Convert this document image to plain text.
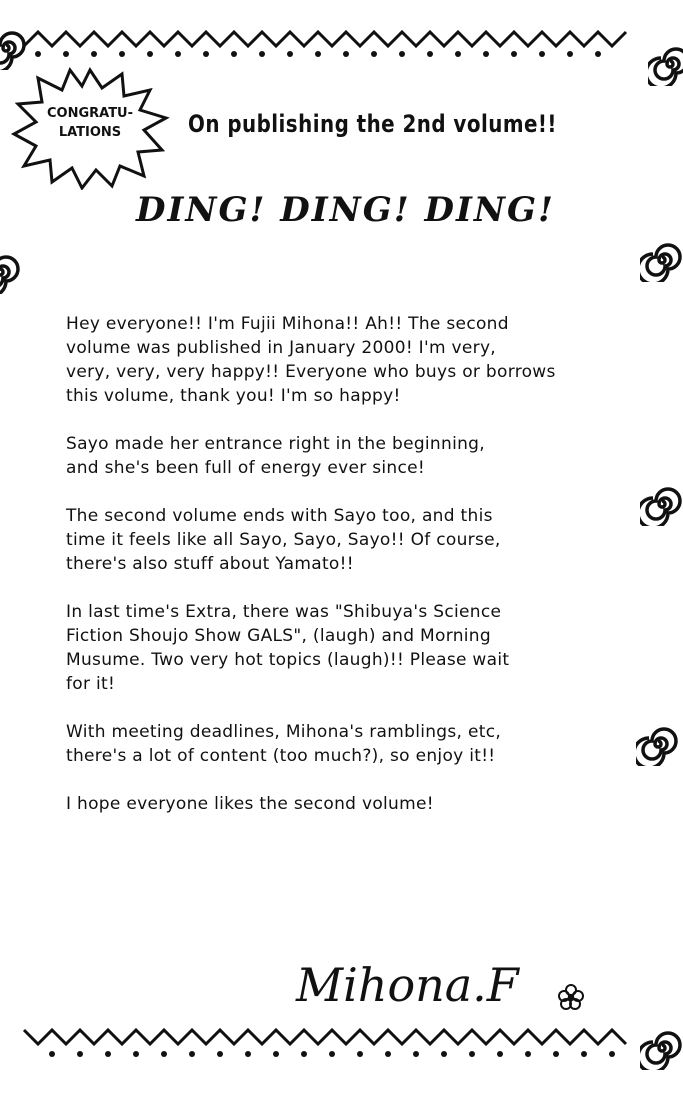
CONGRATU-
LATIONS	On publishing the 2nd volume!!
DING! DING! DING!

Hey everyone!! I'm Fujii Mihona!! Ah!! The second
volume was published in January 2000! I'm very,
very, very, very happy!! Everyone who buys or borrows
this volume, thank you! I'm so happy!

Sayo made her entrance right in the beginning,
and she's been full of energy ever since!

The second volume ends with Sayo too, and this
time it feels like all Sayo, Sayo, Sayo!! Of course,
there's also stuff about Yamato!!

In last time's Extra, there was "Shibuya's Science
Fiction Shoujo Show GALS", (laugh) and Morning
Musume. Two very hot topics (laugh)!! Please wait
for it!

With meeting deadlines, Mihona's ramblings, etc,
there's a lot of content (too much?), so enjoy it!!

I hope everyone likes the second volume!

Mihona.F
